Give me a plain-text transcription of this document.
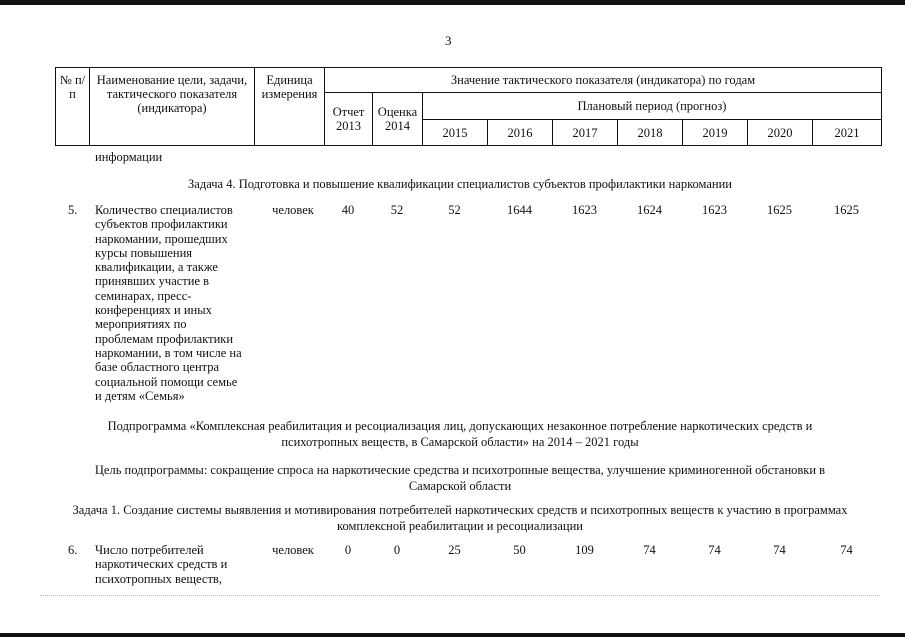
3
№ п/п	Наименование цели, задачи, тактического показателя (индикатора)	Единица измерения	Значение тактического показателя (индикатора) по годам								
			Отчет 2013	Оценка 2014	Плановый период (прогноз)						
					2015	2016	2017	2018	2019	2020	2021
информации
Задача 4. Подготовка и повышение квалификации специалистов субъектов профилактики наркомании
5. Количество специалистов
субъектов профилактики
наркомании, прошедших
курсы повышения
квалификации, а также
принявших участие в
семинарах, пресс-
конференциях и иных
мероприятиях по
проблемам профилактики
наркомании, в том числе на
базе областного центра
социальной помощи семье
и детям «Семья»
человек	40	52	52	1644	1623	1624	1623	1625	1625
Подпрограмма «Комплексная реабилитация и ресоциализация лиц, допускающих незаконное потребление наркотических средств и
психотропных веществ, в Самарской области» на 2014 – 2021 годы
Цель подпрограммы: сокращение спроса на наркотические средства и психотропные вещества, улучшение криминогенной обстановки в
Самарской области
Задача 1. Создание системы выявления и мотивирования потребителей наркотических средств и психотропных веществ к участию в программах
комплексной реабилитации и ресоциализации
6. Число потребителей
наркотических средств и
психотропных веществ,
человек	0	0	25	50	109	74	74	74	74
